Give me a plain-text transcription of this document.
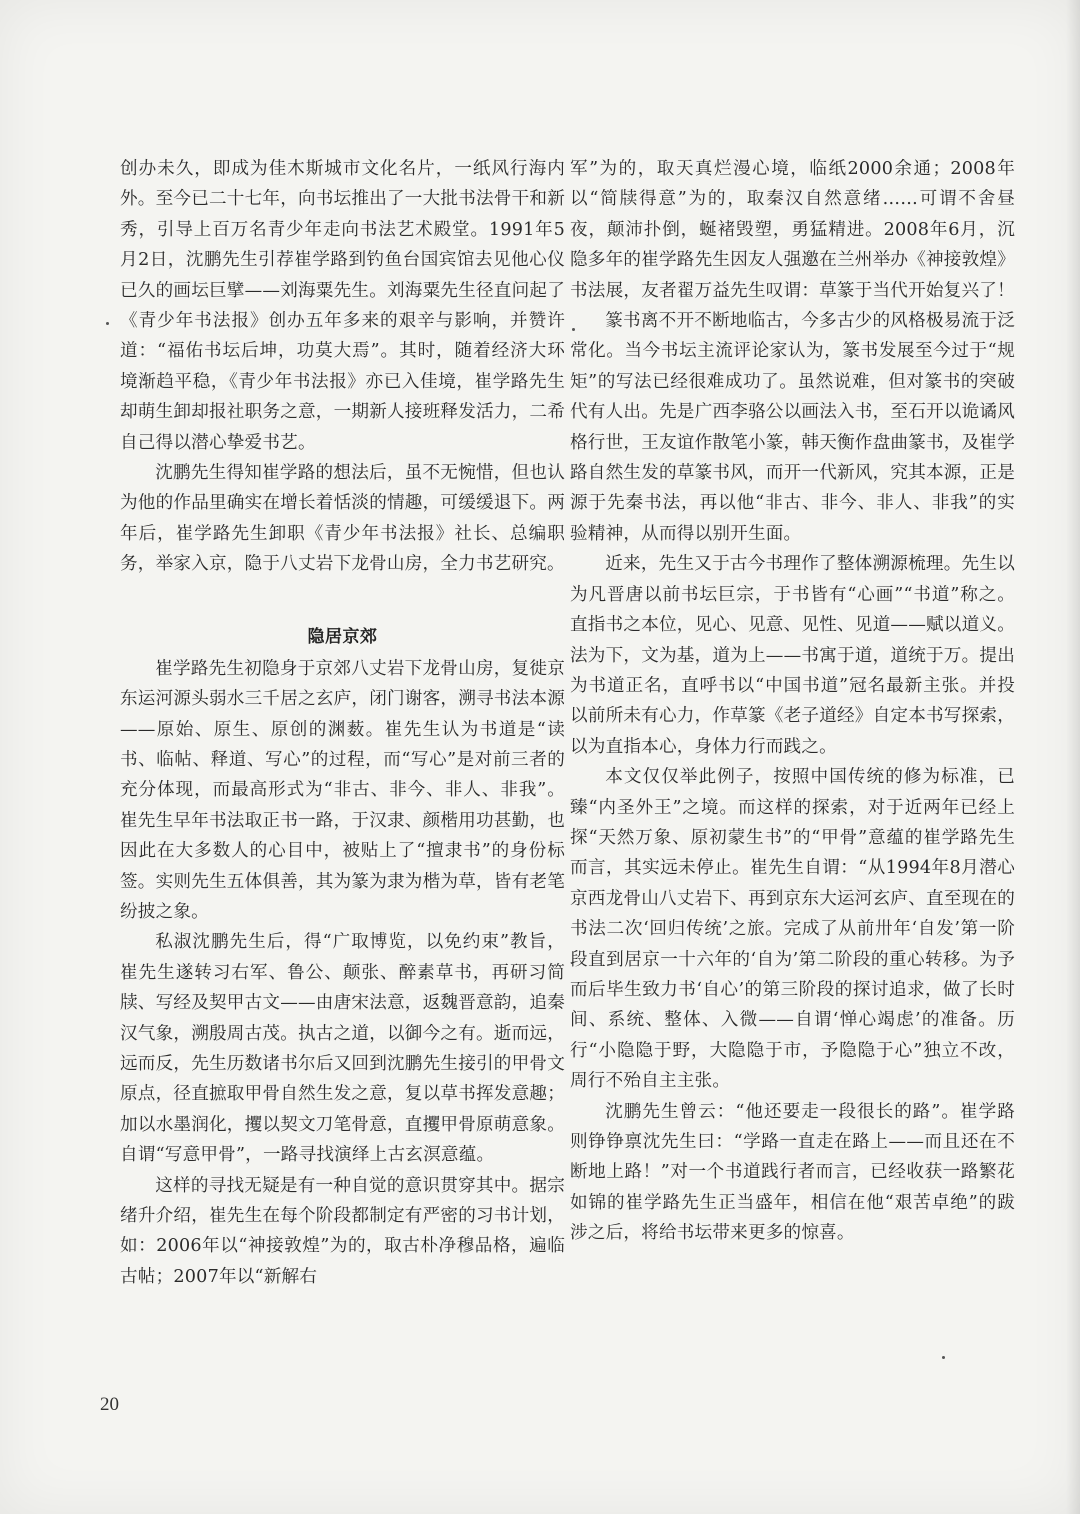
创办未久，即成为佳木斯城市文化名片，一纸风行海内外。至今已二十七年，向书坛推出了一大批书法骨干和新秀，引导上百万名青少年走向书法艺术殿堂。1991年5月2日，沈鹏先生引荐崔学路到钓鱼台国宾馆去见他心仪已久的画坛巨擘——刘海粟先生。刘海粟先生径直问起了《青少年书法报》创办五年多来的艰辛与影响，并赞许道：“福佑书坛后坤，功莫大焉”。其时，随着经济大环境渐趋平稳，《青少年书法报》亦已入佳境，崔学路先生却萌生卸却报社职务之意，一期新人接班释发活力，二希自己得以潜心挚爱书艺。

沈鹏先生得知崔学路的想法后，虽不无惋惜，但也认为他的作品里确实在增长着恬淡的情趣，可缓缓退下。两年后，崔学路先生卸职《青少年书法报》社长、总编职务，举家入京，隐于八丈岩下龙骨山房，全力书艺研究。

隐居京郊

崔学路先生初隐身于京郊八丈岩下龙骨山房，复徙京东运河源头弱水三千居之玄庐，闭门谢客，溯寻书法本源——原始、原生、原创的渊薮。崔先生认为书道是“读书、临帖、释道、写心”的过程，而“写心”是对前三者的充分体现，而最高形式为“非古、非今、非人、非我”。崔先生早年书法取正书一路，于汉隶、颜楷用功甚勤，也因此在大多数人的心目中，被贴上了“擅隶书”的身份标签。实则先生五体俱善，其为篆为隶为楷为草，皆有老笔纷披之象。

私淑沈鹏先生后，得“广取博览，以免约束”教旨，崔先生遂转习右军、鲁公、颠张、醉素草书，再研习简牍、写经及契甲古文——由唐宋法意，返魏晋意韵，追秦汉气象，溯殷周古茂。执古之道，以御今之有。逝而远，远而反，先生历数诸书尔后又回到沈鹏先生接引的甲骨文原点，径直摭取甲骨自然生发之意，复以草书挥发意趣；加以水墨润化，攫以契文刀笔骨意，直攫甲骨原萌意象。自谓“写意甲骨”，一路寻找演绎上古玄溟意蕴。

这样的寻找无疑是有一种自觉的意识贯穿其中。据宗绪升介绍，崔先生在每个阶段都制定有严密的习书计划，如：2006年以“神接敦煌”为的，取古朴净穆品格，遍临古帖；2007年以“新解右

军”为的，取天真烂漫心境，临纸2000余通；2008年以“简牍得意”为的，取秦汉自然意绪……可谓不舍昼夜，颠沛扑倒，蜒褚毁塑，勇猛精进。2008年6月，沉隐多年的崔学路先生因友人强邀在兰州举办《神接敦煌》书法展，友者翟万益先生叹谓：草篆于当代开始复兴了！

篆书离不开不断地临古，今多古少的风格极易流于泛常化。当今书坛主流评论家认为，篆书发展至今过于“规矩”的写法已经很难成功了。虽然说难，但对篆书的突破代有人出。先是广西李骆公以画法入书，至石开以诡谲风格行世，王友谊作散笔小篆，韩天衡作盘曲篆书，及崔学路自然生发的草篆书风，而开一代新风，究其本源，正是源于先秦书法，再以他“非古、非今、非人、非我”的实验精神，从而得以别开生面。

近来，先生又于古今书理作了整体溯源梳理。先生以为凡晋唐以前书坛巨宗，于书皆有“心画”“书道”称之。直指书之本位，见心、见意、见性、见道——赋以道义。法为下，文为基，道为上——书寓于道，道统于万。提出为书道正名，直呼书以“中国书道”冠名最新主张。并投以前所未有心力，作草篆《老子道经》自定本书写探索，以为直指本心，身体力行而践之。

本文仅仅举此例子，按照中国传统的修为标准，已臻“内圣外王”之境。而这样的探索，对于近两年已经上探“天然万象、原初蒙生书”的“甲骨”意蕴的崔学路先生而言，其实远未停止。崔先生自谓：“从1994年8月潜心京西龙骨山八丈岩下、再到京东大运河玄庐、直至现在的书法二次‘回归传统’之旅。完成了从前卅年‘自发’第一阶段直到居京一十六年的‘自为’第二阶段的重心转移。为予而后毕生致力书‘自心’的第三阶段的探讨追求，做了长时间、系统、整体、入微——自谓‘惮心竭虑’的准备。历行“小隐隐于野，大隐隐于市，予隐隐于心”独立不改，周行不殆自主主张。

沈鹏先生曾云：“他还要走一段很长的路”。崔学路则铮铮禀沈先生曰：“学路一直走在路上——而且还在不断地上路！”对一个书道践行者而言，已经收获一路繁花如锦的崔学路先生正当盛年，相信在他“艰苦卓绝”的跋涉之后，将给书坛带来更多的惊喜。

20
